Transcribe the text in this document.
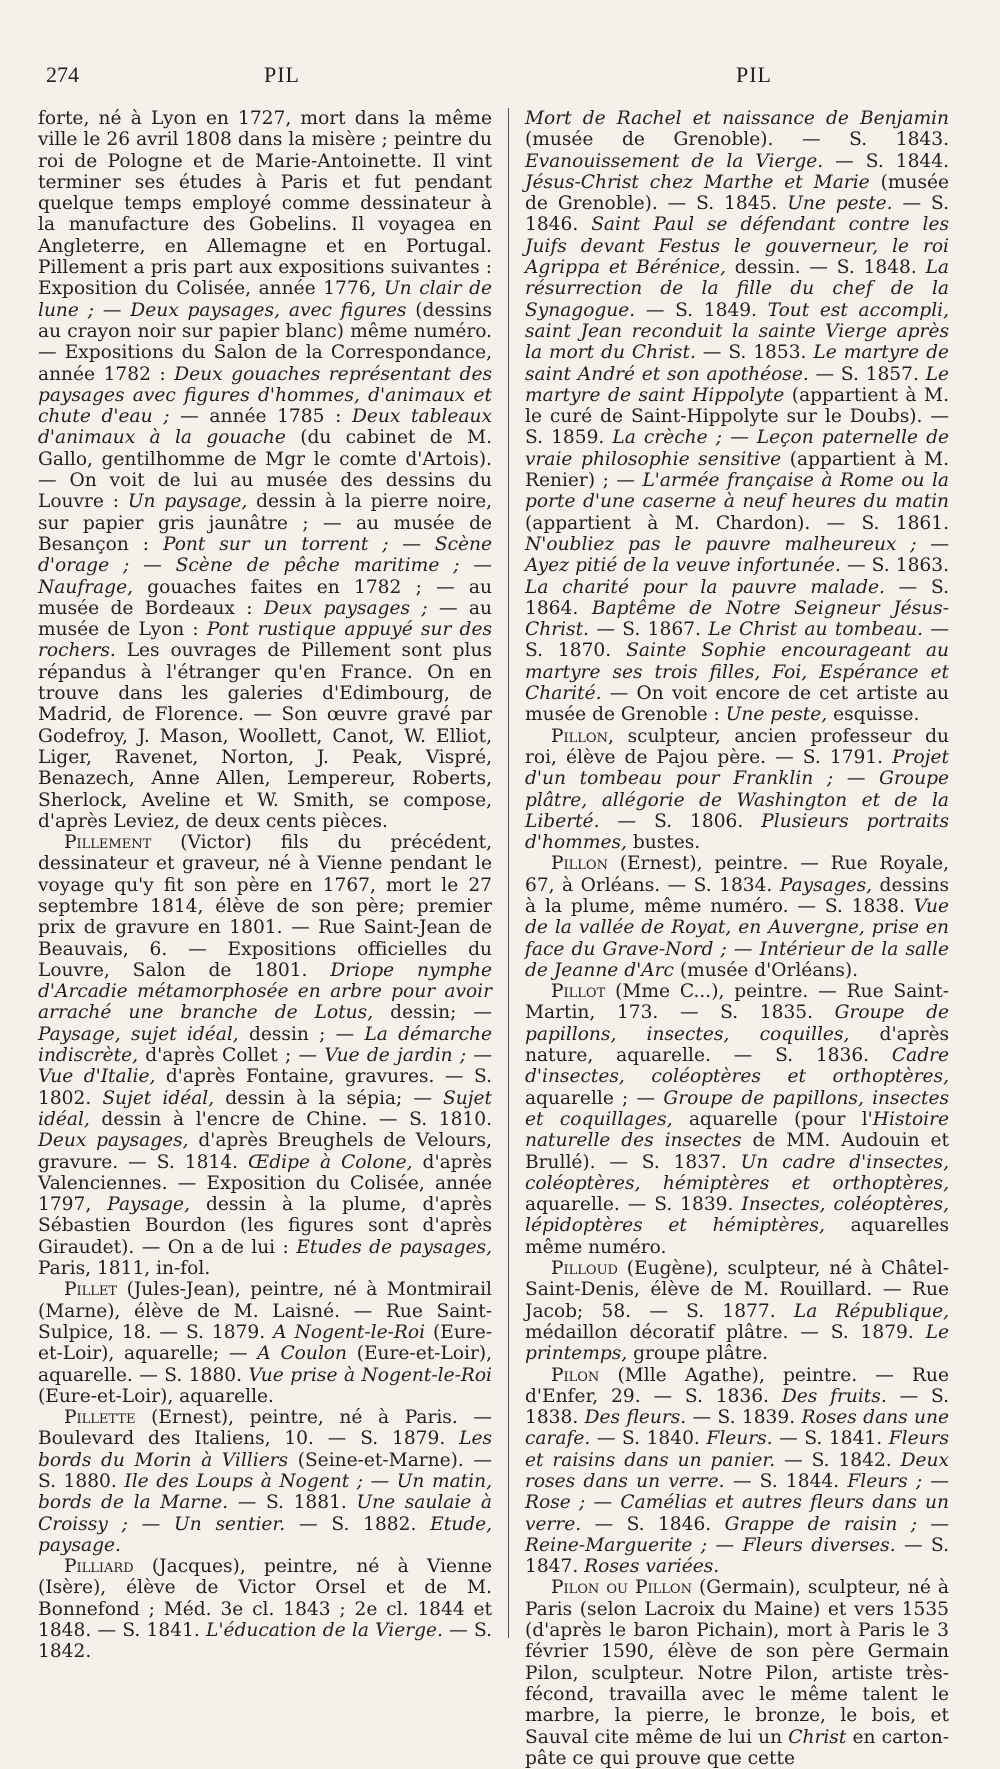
274	PIL	PIL

forte, né à Lyon en 1727, mort dans la même ville le 26 avril 1808 dans la misère ; peintre du roi de Pologne et de Marie-Antoinette. Il vint terminer ses études à Paris et fut pendant quelque temps employé comme dessinateur à la manufacture des Gobelins. Il voyagea en Angleterre, en Allemagne et en Portugal. Pillement a pris part aux expositions suivantes : Exposition du Colisée, année 1776, Un clair de lune ; — Deux paysages, avec figures (dessins au crayon noir sur papier blanc) même numéro. — Expositions du Salon de la Correspondance, année 1782 : Deux gouaches représentant des paysages avec figures d'hommes, d'animaux et chute d'eau ; — année 1785 : Deux tableaux d'animaux à la gouache (du cabinet de M. Gallo, gentilhomme de Mgr le comte d'Artois). — On voit de lui au musée des dessins du Louvre : Un paysage, dessin à la pierre noire, sur papier gris jaunâtre ; — au musée de Besançon : Pont sur un torrent ; — Scène d'orage ; — Scène de pêche maritime ; — Naufrage, gouaches faites en 1782 ; — au musée de Bordeaux : Deux paysages ; — au musée de Lyon : Pont rustique appuyé sur des rochers. Les ouvrages de Pillement sont plus répandus à l'étranger qu'en France. On en trouve dans les galeries d'Edimbourg, de Madrid, de Florence. — Son œuvre gravé par Godefroy, J. Mason, Woollett, Canot, W. Elliot, Liger, Ravenet, Norton, J. Peak, Vispré, Benazech, Anne Allen, Lempereur, Roberts, Sherlock, Aveline et W. Smith, se compose, d'après Leviez, de deux cents pièces.

Pillement (Victor) fils du précédent, dessinateur et graveur, né à Vienne pendant le voyage qu'y fit son père en 1767, mort le 27 septembre 1814, élève de son père; premier prix de gravure en 1801. — Rue Saint-Jean de Beauvais, 6. — Expositions officielles du Louvre, Salon de 1801. Driope nymphe d'Arcadie métamorphosée en arbre pour avoir arraché une branche de Lotus, dessin; — Paysage, sujet idéal, dessin ; — La démarche indiscrète, d'après Collet ; — Vue de jardin ; — Vue d'Italie, d'après Fontaine, gravures. — S. 1802. Sujet idéal, dessin à la sépia; — Sujet idéal, dessin à l'encre de Chine. — S. 1810. Deux paysages, d'après Breughels de Velours, gravure. — S. 1814. Œdipe à Colone, d'après Valenciennes. — Exposition du Colisée, année 1797, Paysage, dessin à la plume, d'après Sébastien Bourdon (les figures sont d'après Giraudet). — On a de lui : Etudes de paysages, Paris, 1811, in-fol.

Pillet (Jules-Jean), peintre, né à Montmirail (Marne), élève de M. Laisné. — Rue Saint-Sulpice, 18. — S. 1879. A Nogent-le-Roi (Eure-et-Loir), aquarelle; — A Coulon (Eure-et-Loir), aquarelle. — S. 1880. Vue prise à Nogent-le-Roi (Eure-et-Loir), aquarelle.

Pillette (Ernest), peintre, né à Paris. — Boulevard des Italiens, 10. — S. 1879. Les bords du Morin à Villiers (Seine-et-Marne). — S. 1880. Ile des Loups à Nogent ; — Un matin, bords de la Marne. — S. 1881. Une saulaie à Croissy ; — Un sentier. — S. 1882. Etude, paysage.

Pilliard (Jacques), peintre, né à Vienne (Isère), élève de Victor Orsel et de M. Bonnefond ; Méd. 3e cl. 1843 ; 2e cl. 1844 et 1848. — S. 1841. L'éducation de la Vierge. — S. 1842.

Mort de Rachel et naissance de Benjamin (musée de Grenoble). — S. 1843. Evanouissement de la Vierge. — S. 1844. Jésus-Christ chez Marthe et Marie (musée de Grenoble). — S. 1845. Une peste. — S. 1846. Saint Paul se défendant contre les Juifs devant Festus le gouverneur, le roi Agrippa et Bérénice, dessin. — S. 1848. La résurrection de la fille du chef de la Synagogue. — S. 1849. Tout est accompli, saint Jean reconduit la sainte Vierge après la mort du Christ. — S. 1853. Le martyre de saint André et son apothéose. — S. 1857. Le martyre de saint Hippolyte (appartient à M. le curé de Saint-Hippolyte sur le Doubs). — S. 1859. La crèche ; — Leçon paternelle de vraie philosophie sensitive (appartient à M. Renier) ; — L'armée française à Rome ou la porte d'une caserne à neuf heures du matin (appartient à M. Chardon). — S. 1861. N'oubliez pas le pauvre malheureux ; — Ayez pitié de la veuve infortunée. — S. 1863. La charité pour la pauvre malade. — S. 1864. Baptême de Notre Seigneur Jésus-Christ. — S. 1867. Le Christ au tombeau. — S. 1870. Sainte Sophie encourageant au martyre ses trois filles, Foi, Espérance et Charité. — On voit encore de cet artiste au musée de Grenoble : Une peste, esquisse.

Pillon, sculpteur, ancien professeur du roi, élève de Pajou père. — S. 1791. Projet d'un tombeau pour Franklin ; — Groupe plâtre, allégorie de Washington et de la Liberté. — S. 1806. Plusieurs portraits d'hommes, bustes.

Pillon (Ernest), peintre. — Rue Royale, 67, à Orléans. — S. 1834. Paysages, dessins à la plume, même numéro. — S. 1838. Vue de la vallée de Royat, en Auvergne, prise en face du Grave-Nord ; — Intérieur de la salle de Jeanne d'Arc (musée d'Orléans).

Pillot (Mme C...), peintre. — Rue Saint-Martin, 173. — S. 1835. Groupe de papillons, insectes, coquilles, d'après nature, aquarelle. — S. 1836. Cadre d'insectes, coléoptères et orthoptères, aquarelle ; — Groupe de papillons, insectes et coquillages, aquarelle (pour l'Histoire naturelle des insectes de MM. Audouin et Brullé). — S. 1837. Un cadre d'insectes, coléoptères, hémiptères et orthoptères, aquarelle. — S. 1839. Insectes, coléoptères, lépidoptères et hémiptères, aquarelles même numéro.

Pilloud (Eugène), sculpteur, né à Châtel-Saint-Denis, élève de M. Rouillard. — Rue Jacob; 58. — S. 1877. La République, médaillon décoratif plâtre. — S. 1879. Le printemps, groupe plâtre.

Pilon (Mlle Agathe), peintre. — Rue d'Enfer, 29. — S. 1836. Des fruits. — S. 1838. Des fleurs. — S. 1839. Roses dans une carafe. — S. 1840. Fleurs. — S. 1841. Fleurs et raisins dans un panier. — S. 1842. Deux roses dans un verre. — S. 1844. Fleurs ; — Rose ; — Camélias et autres fleurs dans un verre. — S. 1846. Grappe de raisin ; — Reine-Marguerite ; — Fleurs diverses. — S. 1847. Roses variées.

Pilon ou Pillon (Germain), sculpteur, né à Paris (selon Lacroix du Maine) et vers 1535 (d'après le baron Pichain), mort à Paris le 3 février 1590, élève de son père Germain Pilon, sculpteur. Notre Pilon, artiste très-fécond, travailla avec le même talent le marbre, la pierre, le bronze, le bois, et Sauval cite même de lui un Christ en carton-pâte ce qui prouve que cette
